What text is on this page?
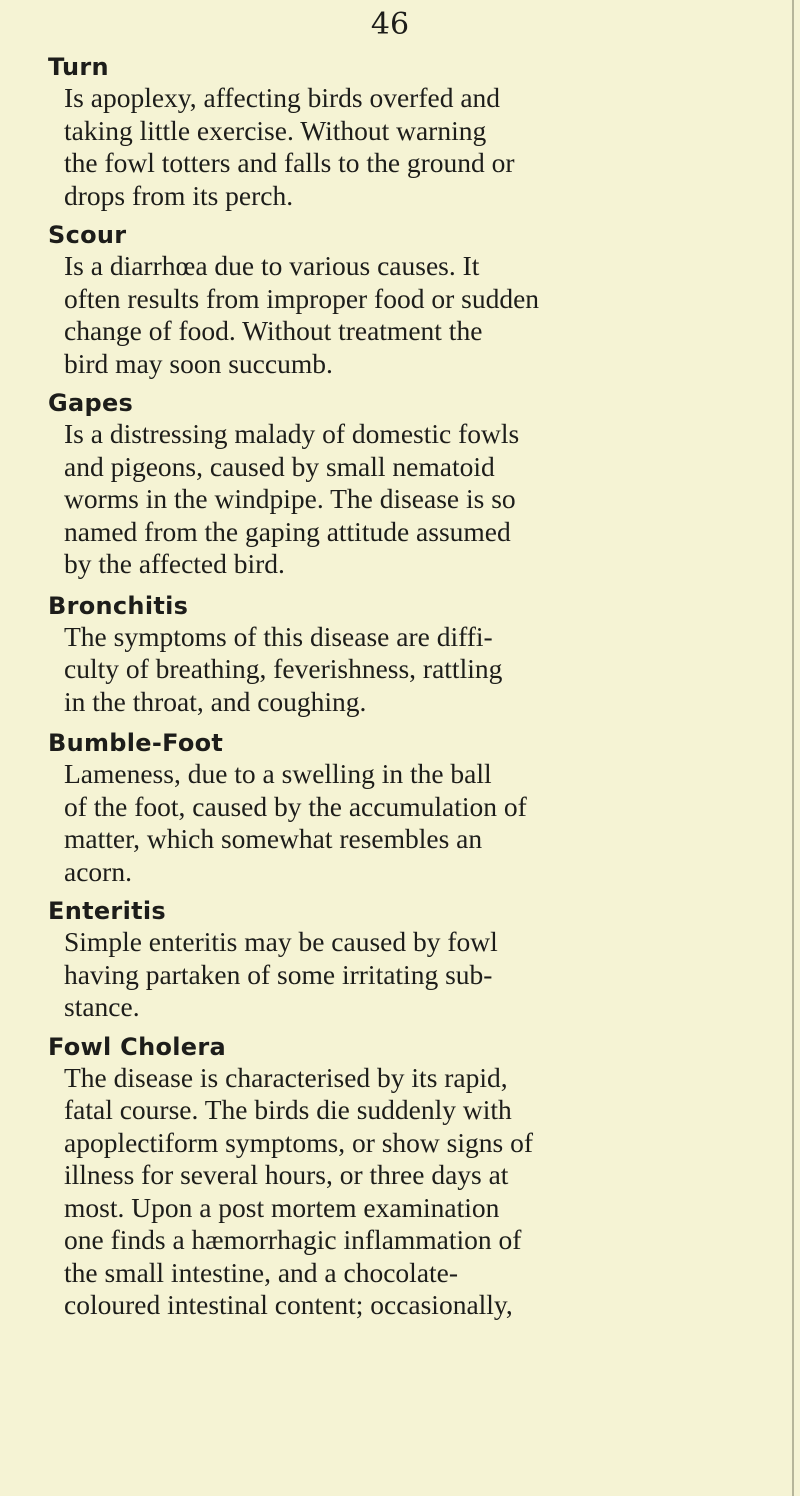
46
Turn

Is apoplexy, affecting birds overfed and
taking little exercise. Without warning
the fowl totters and falls to the ground or
drops from its perch.

Scour

Is a diarrhœa due to various causes. It
often results from improper food or sudden
change of food. Without treatment the
bird may soon succumb.

Gapes

Is a distressing malady of domestic fowls
and pigeons, caused by small nematoid
worms in the windpipe. The disease is so
named from the gaping attitude assumed
by the affected bird.

Bronchitis

The symptoms of this disease are diffi-
culty of breathing, feverishness, rattling
in the throat, and coughing.

Bumble-Foot

Lameness, due to a swelling in the ball
of the foot, caused by the accumulation of
matter, which somewhat resembles an
acorn.

Enteritis

Simple enteritis may be caused by fowl
having partaken of some irritating sub-
stance.

Fowl Cholera

The disease is characterised by its rapid,
fatal course. The birds die suddenly with
apoplectiform symptoms, or show signs of
illness for several hours, or three days at
most. Upon a post mortem examination
one finds a hæmorrhagic inflammation of
the small intestine, and a chocolate-
coloured intestinal content; occasionally,
